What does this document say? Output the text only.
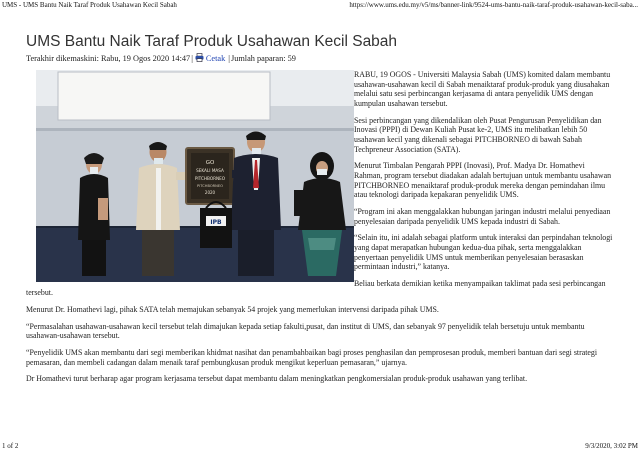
UMS - UMS Bantu Naik Taraf Produk Usahawan Kecil Sabah	https://www.ums.edu.my/v5/ms/banner-link/9524-ums-bantu-naik-taraf-produk-usahawan-kecil-saba...
UMS Bantu Naik Taraf Produk Usahawan Kecil Sabah
Terakhir dikemaskini: Rabu, 19 Ogos 2020 14:47| Cetak |Jumlah paparan: 59
GO
SEKALI MASA
PITCHBORNEO
PITCHBORNEO
2020
IPB

RABU, 19 OGOS - Universiti Malaysia Sabah (UMS) komited dalam membantu usahawan-usahawan kecil di Sabah menaiktaraf produk-produk yang diusahakan melalui satu sesi perbincangan kerjasama di antara penyelidik UMS dengan kumpulan usahawan tersebut.

Sesi perbincangan yang dikendalikan oleh Pusat Pengurusan Penyelidikan dan Inovasi (PPPI) di Dewan Kuliah Pusat ke-2, UMS itu melibatkan lebih 50 usahawan kecil yang dikenali sebagai PITCHBORNEO di bawah Sabah Techpreneur Association (SATA).

Menurut Timbalan Pengarah PPPI (Inovasi), Prof. Madya Dr. Homathevi Rahman, program tersebut diadakan adalah bertujuan untuk membantu usahawan PITCHBORNEO menaiktaraf produk-produk mereka dengan pemindahan ilmu atau teknologi daripada kepakaran penyelidik UMS.

“Program ini akan menggalakkan hubungan jaringan industri melalui penyediaan penyelesaian daripada penyelidik UMS kepada industri di Sabah.

“Selain itu, ini adalah sebagai platform untuk interaksi dan perpindahan teknologi yang dapat merapatkan hubungan kedua-dua pihak, serta menggalakkan penyertaan penyelidik UMS untuk memberikan penyelesaian berasaskan permintaan industri,” katanya.

Beliau berkata demikian ketika menyampaikan taklimat pada sesi perbincangan tersebut.

Menurut Dr. Homathevi lagi, pihak SATA telah memajukan sebanyak 54 projek yang memerlukan intervensi daripada pihak UMS.

“Permasalahan usahawan-usahawan kecil tersebut telah dimajukan kepada setiap fakulti,pusat, dan institut di UMS, dan sebanyak 97 penyelidik telah bersetuju untuk membantu usahawan-usahawan tersebut.

“Penyelidik UMS akan membantu dari segi memberikan khidmat nasihat dan penambahbaikan bagi proses penghasilan dan pemprosesan produk, memberi bantuan dari segi strategi pemasaran, dan membeli cadangan dalam menaik taraf pembungkusan produk mengikut keperluan pemasaran,” ujarnya.

Dr Homathevi turut berharap agar program kerjasama tersebut dapat membantu dalam meningkatkan pengkomersialan produk-produk usahawan yang terlibat.

1 of 2	9/3/2020, 3:02 PM
